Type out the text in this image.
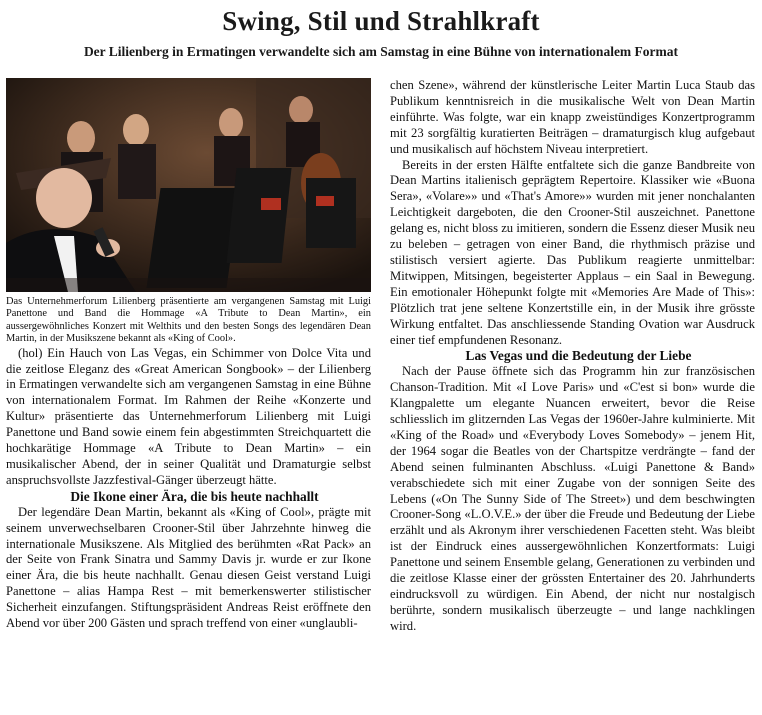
Swing, Stil und Strahlkraft
Der Lilienberg in Ermatingen verwandelte sich am Samstag in eine Bühne von internationalem Format

Das Unternehmerforum Lilienberg präsentierte am vergangenen Samstag mit Luigi Panettone und Band die Hommage «A Tribute to Dean Martin», ein aussergewöhnliches Konzert mit Welthits und den besten Songs des legendären Dean Martin, in der Musikszene bekannt als «King of Cool».

(hol) Ein Hauch von Las Vegas, ein Schimmer von Dolce Vita und die zeitlose Eleganz des «Great American Songbook» – der Lilienberg in Ermatingen verwandelte sich am vergangenen Samstag in eine Bühne von internationalem Format. Im Rahmen der Reihe «Konzerte und Kultur» präsentierte das Unternehmerforum Lilienberg mit Luigi Panettone und Band sowie einem fein abgestimmten Streichquartett die hochkarätige Hommage «A Tribute to Dean Martin» – ein musikalischer Abend, der in seiner Qualität und Dramaturgie selbst anspruchsvollste Jazzfestival-Gänger überzeugt hätte.

Die Ikone einer Ära, die bis heute nachhallt

Der legendäre Dean Martin, bekannt als «King of Cool», prägte mit seinem unverwechselbaren Crooner-Stil über Jahrzehnte hinweg die internationale Musikszene. Als Mitglied des berühmten «Rat Pack» an der Seite von Frank Sinatra und Sammy Davis jr. wurde er zur Ikone einer Ära, die bis heute nachhallt. Genau diesen Geist verstand Luigi Panettone – alias Hampa Rest – mit bemerkenswerter stilistischer Sicherheit einzufangen. Stiftungspräsident Andreas Reist eröffnete den Abend vor über 200 Gästen und sprach treffend von einer «unglaubli-

chen Szene», während der künstlerische Leiter Martin Luca Staub das Publikum kenntnisreich in die musikalische Welt von Dean Martin einführte. Was folgte, war ein knapp zweistündiges Konzertprogramm mit 23 sorgfältig kuratierten Beiträgen – dramaturgisch klug aufgebaut und musikalisch auf höchstem Niveau interpretiert.

Bereits in der ersten Hälfte entfaltete sich die ganze Bandbreite von Dean Martins italienisch geprägtem Repertoire. Klassiker wie «Buona Sera», «Volare»» und «That's Amore»» wurden mit jener nonchalanten Leichtigkeit dargeboten, die den Crooner-Stil auszeichnet. Panettone gelang es, nicht bloss zu imitieren, sondern die Essenz dieser Musik neu zu beleben – getragen von einer Band, die rhythmisch präzise und stilistisch versiert agierte. Das Publikum reagierte unmittelbar: Mitwippen, Mitsingen, begeisterter Applaus – ein Saal in Bewegung. Ein emotionaler Höhepunkt folgte mit «Memories Are Made of This»: Plötzlich trat jene seltene Konzertstille ein, in der Musik ihre grösste Wirkung entfaltet. Das anschliessende Standing Ovation war Ausdruck einer tief empfundenen Resonanz.

Las Vegas und die Bedeutung der Liebe

Nach der Pause öffnete sich das Programm hin zur französischen Chanson-Tradition. Mit «I Love Paris» und «C'est si bon» wurde die Klangpalette um elegante Nuancen erweitert, bevor die Reise schliesslich im glitzernden Las Vegas der 1960er-Jahre kulminierte. Mit «King of the Road» und «Everybody Loves Somebody» – jenem Hit, der 1964 sogar die Beatles von der Chartspitze verdrängte – fand der Abend seinen fulminanten Abschluss. «Luigi Panettone & Band» verabschiedete sich mit einer Zugabe von der sonnigen Seite des Lebens («On The Sunny Side of The Street») und dem beschwingten Crooner-Song «L.O.V.E.» der über die Freude und Bedeutung der Liebe erzählt und als Akronym ihrer verschiedenen Facetten steht. Was bleibt ist der Eindruck eines aussergewöhnlichen Konzertformats: Luigi Panettone und seinem Ensemble gelang, Generationen zu verbinden und die zeitlose Klasse einer der grössten Entertainer des 20. Jahrhunderts eindrucksvoll zu würdigen. Ein Abend, der nicht nur nostalgisch berührte, sondern musikalisch überzeugte – und lange nachklingen wird.
